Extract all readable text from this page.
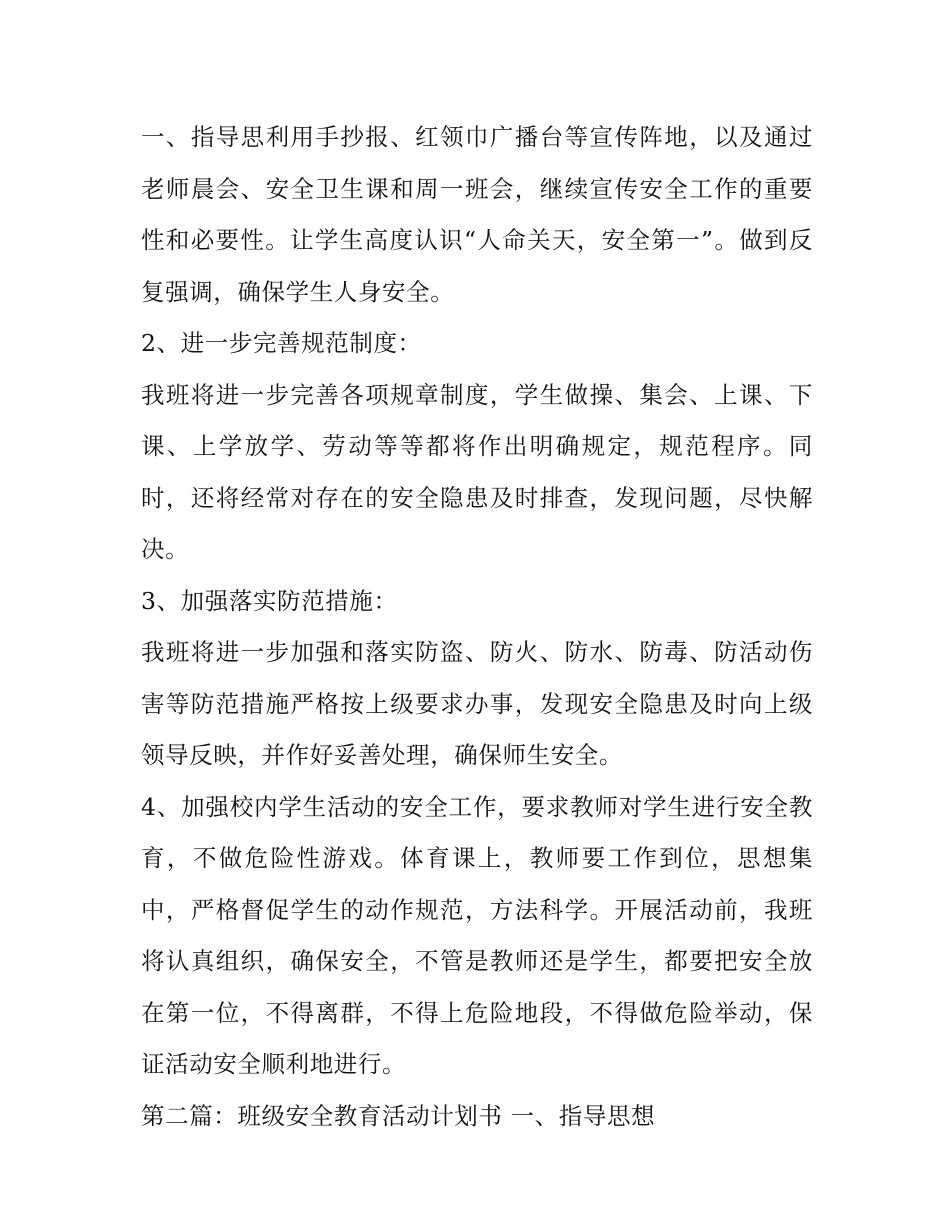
一、指导思利用手抄报、红领巾广播台等宣传阵地，以及通过老师晨会、安全卫生课和周一班会，继续宣传安全工作的重要性和必要性。让学生高度认识“人命关天，安全第一”。做到反复强调，确保学生人身安全。

2、进一步完善规范制度：

我班将进一步完善各项规章制度，学生做操、集会、上课、下课、上学放学、劳动等等都将作出明确规定，规范程序。同时，还将经常对存在的安全隐患及时排查，发现问题，尽快解决。

3、加强落实防范措施：

我班将进一步加强和落实防盗、防火、防水、防毒、防活动伤害等防范措施严格按上级要求办事，发现安全隐患及时向上级领导反映，并作好妥善处理，确保师生安全。

4、加强校内学生活动的安全工作，要求教师对学生进行安全教育，不做危险性游戏。体育课上，教师要工作到位，思想集中，严格督促学生的动作规范，方法科学。开展活动前，我班将认真组织，确保安全，不管是教师还是学生，都要把安全放在第一位，不得离群，不得上危险地段，不得做危险举动，保证活动安全顺利地进行。

第二篇：班级安全教育活动计划书 一、指导思想
